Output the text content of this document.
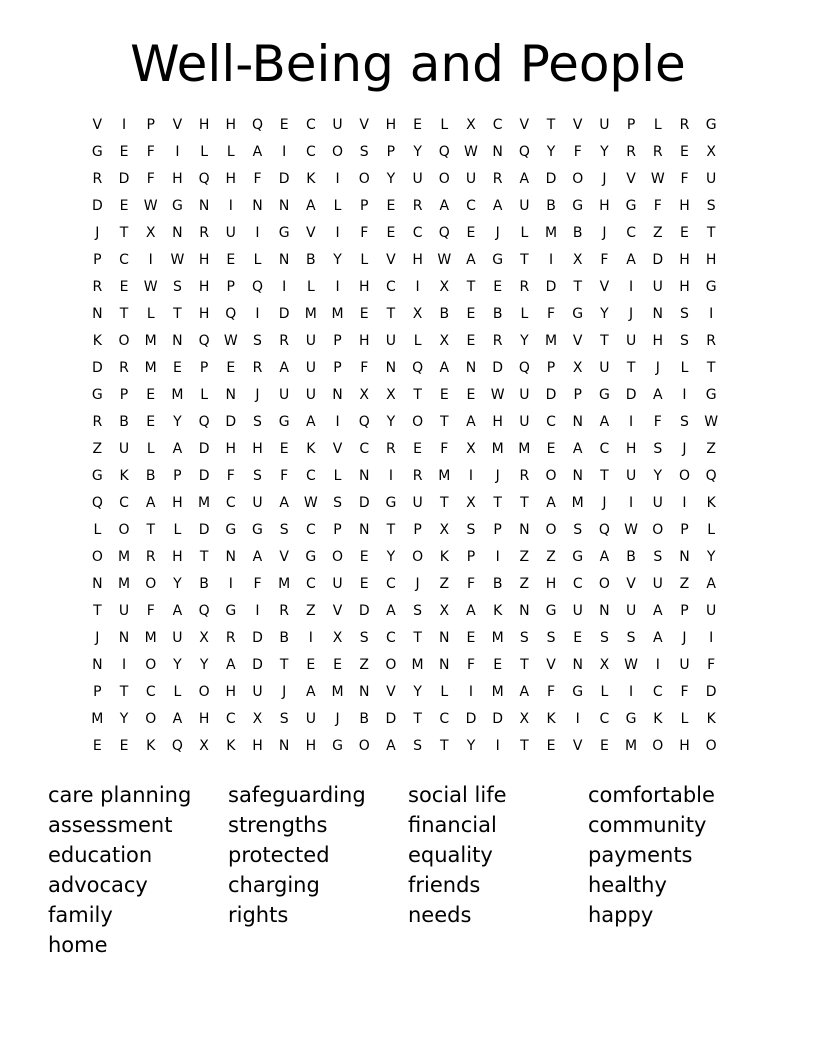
Well-Being and People
V	I	P	V	H	H	Q	E	C	U	V	H	E	L	X	C	V	T	V	U	P	L	R	G
G	E	F	I	L	L	A	I	C	O	S	P	Y	Q	W	N	Q	Y	F	Y	R	R	E	X
R	D	F	H	Q	H	F	D	K	I	O	Y	U	O	U	R	A	D	O	J	V	W	F	U
D	E	W	G	N	I	N	N	A	L	P	E	R	A	C	A	U	B	G	H	G	F	H	S
J	T	X	N	R	U	I	G	V	I	F	E	C	Q	E	J	L	M	B	J	C	Z	E	T
P	C	I	W	H	E	L	N	B	Y	L	V	H	W	A	G	T	I	X	F	A	D	H	H
R	E	W	S	H	P	Q	I	L	I	H	C	I	X	T	E	R	D	T	V	I	U	H	G
N	T	L	T	H	Q	I	D	M	M	E	T	X	B	E	B	L	F	G	Y	J	N	S	I
K	O	M	N	Q	W	S	R	U	P	H	U	L	X	E	R	Y	M	V	T	U	H	S	R
D	R	M	E	P	E	R	A	U	P	F	N	Q	A	N	D	Q	P	X	U	T	J	L	T
G	P	E	M	L	N	J	U	U	N	X	X	T	E	E	W	U	D	P	G	D	A	I	G
R	B	E	Y	Q	D	S	G	A	I	Q	Y	O	T	A	H	U	C	N	A	I	F	S	W
Z	U	L	A	D	H	H	E	K	V	C	R	E	F	X	M	M	E	A	C	H	S	J	Z
G	K	B	P	D	F	S	F	C	L	N	I	R	M	I	J	R	O	N	T	U	Y	O	Q
Q	C	A	H	M	C	U	A	W	S	D	G	U	T	X	T	T	A	M	J	I	U	I	K
L	O	T	L	D	G	G	S	C	P	N	T	P	X	S	P	N	O	S	Q	W	O	P	L
O	M	R	H	T	N	A	V	G	O	E	Y	O	K	P	I	Z	Z	G	A	B	S	N	Y
N	M	O	Y	B	I	F	M	C	U	E	C	J	Z	F	B	Z	H	C	O	V	U	Z	A
T	U	F	A	Q	G	I	R	Z	V	D	A	S	X	A	K	N	G	U	N	U	A	P	U
J	N	M	U	X	R	D	B	I	X	S	C	T	N	E	M	S	S	E	S	S	A	J	I
N	I	O	Y	Y	A	D	T	E	E	Z	O	M	N	F	E	T	V	N	X	W	I	U	F
P	T	C	L	O	H	U	J	A	M	N	V	Y	L	I	M	A	F	G	L	I	C	F	D
M	Y	O	A	H	C	X	S	U	J	B	D	T	C	D	D	X	K	I	C	G	K	L	K
E	E	K	Q	X	K	H	N	H	G	O	A	S	T	Y	I	T	E	V	E	M	O	H	O
care planning
assessment
education
advocacy
family
home
safeguarding
strengths
protected
charging
rights
social life
financial
equality
friends
needs
comfortable
community
payments
healthy
happy
